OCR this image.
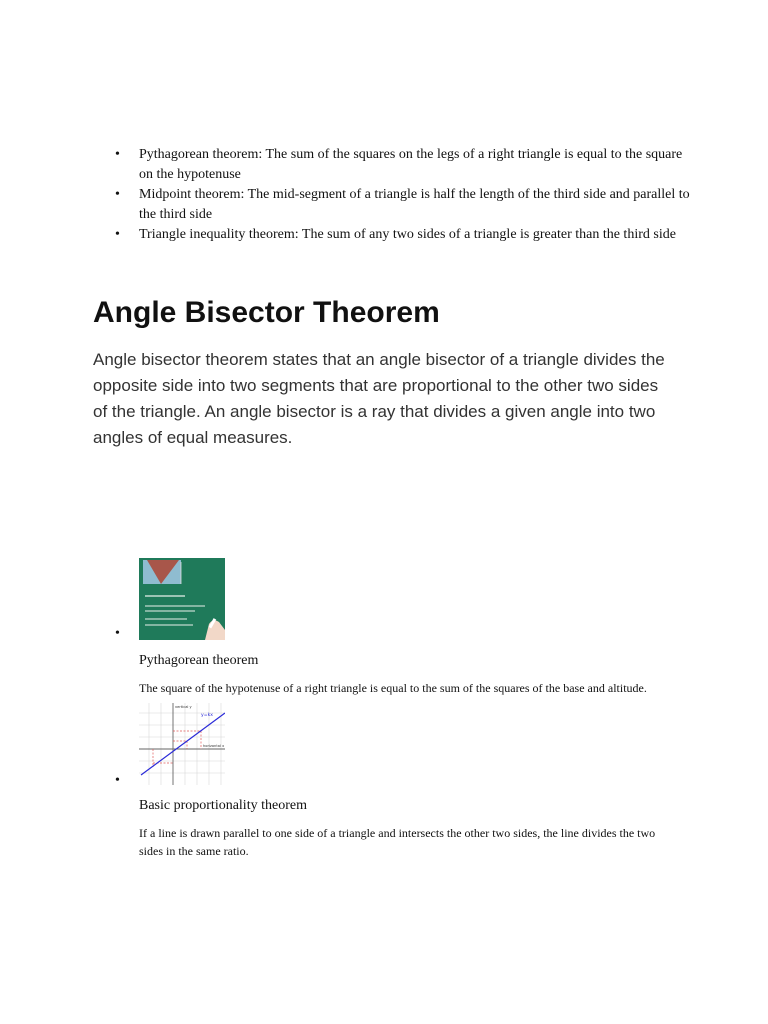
• Pythagorean theorem: The sum of the squares on the legs of a right triangle is equal to the square on the hypotenuse
• Midpoint theorem: The mid-segment of a triangle is half the length of the third side and parallel to the third side
• Triangle inequality theorem: The sum of any two sides of a triangle is greater than the third side
Angle Bisector Theorem

Angle bisector theorem states that an angle bisector of a triangle divides the opposite side into two segments that are proportional to the other two sides of the triangle. An angle bisector is a ray that divides a given angle into two angles of equal measures.

•
Pythagorean theorem
The square of the hypotenuse of a right triangle is equal to the sum of the squares of the base and altitude.
•
vertical y
horizontal x
y=kx
Basic proportionality theorem
If a line is drawn parallel to one side of a triangle and intersects the other two sides, the line divides the two sides in the same ratio.
